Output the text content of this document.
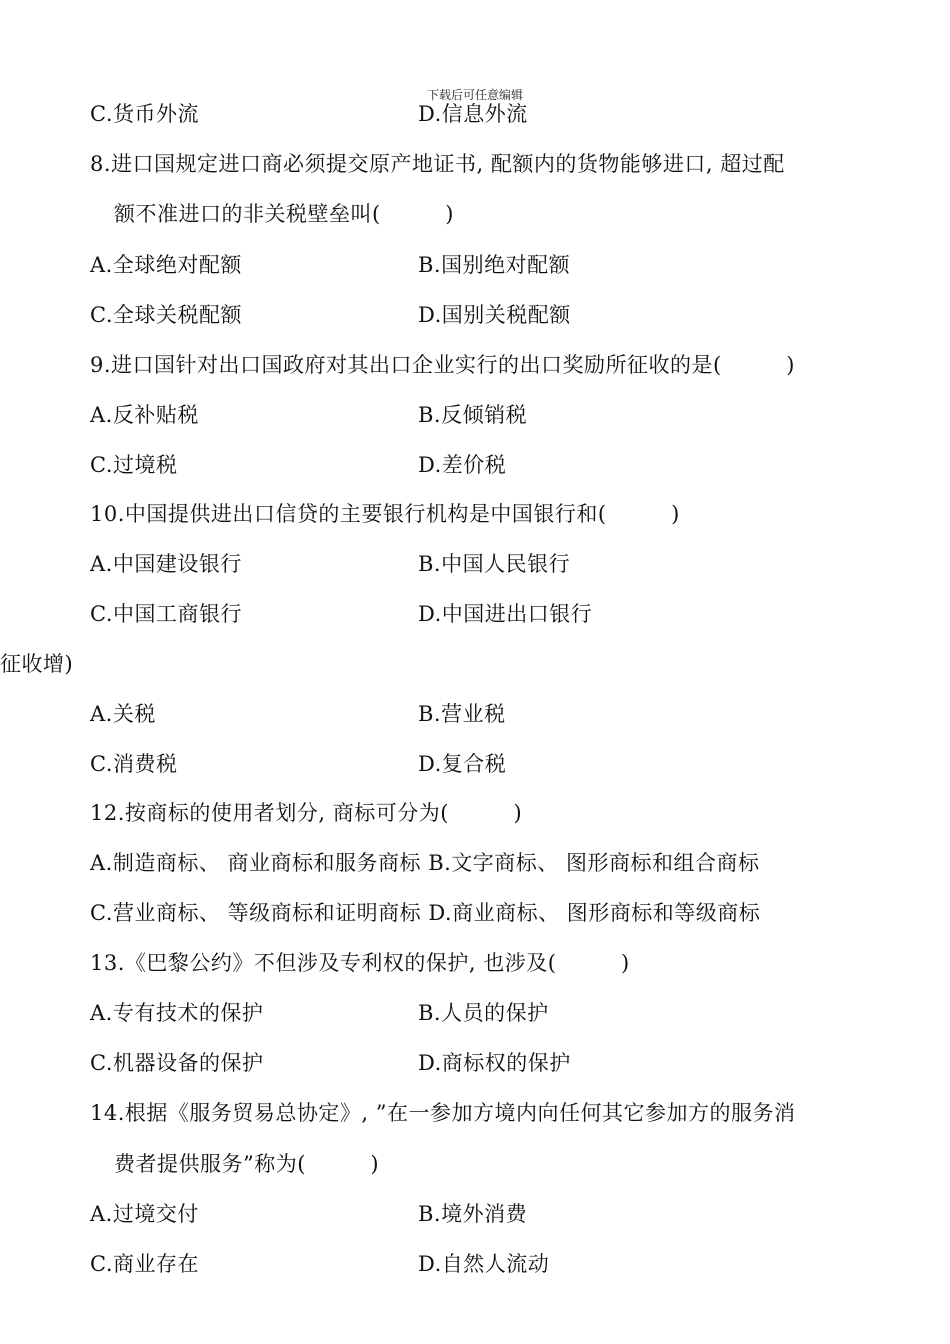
下载后可任意编辑
C.货币外流	D.信息外流
8.进口国规定进口商必须提交原产地证书, 配额内的货物能够进口, 超过配
额不准进口的非关税壁垒叫(　　　)
A.全球绝对配额	B.国别绝对配额
C.全球关税配额	D.国别关税配额
9.进口国针对出口国政府对其出口企业实行的出口奖励所征收的是(　　　)
A.反补贴税	B.反倾销税
C.过境税	D.差价税
10.中国提供进出口信贷的主要银行机构是中国银行和(　　　)
A.中国建设银行	B.中国人民银行
C.中国工商银行	D.中国进出口银行
征收增)
A.关税	B.营业税
C.消费税	D.复合税
12.按商标的使用者划分, 商标可分为(　　　)
A.制造商标、 商业商标和服务商标 B.文字商标、 图形商标和组合商标
C.营业商标、 等级商标和证明商标 D.商业商标、 图形商标和等级商标
13.《巴黎公约》不但涉及专利权的保护, 也涉及(　　　)
A.专有技术的保护	B.人员的保护
C.机器设备的保护	D.商标权的保护
14.根据《服务贸易总协定》, ”在一参加方境内向任何其它参加方的服务消
费者提供服务”称为(　　　)
A.过境交付	B.境外消费
C.商业存在	D.自然人流动
